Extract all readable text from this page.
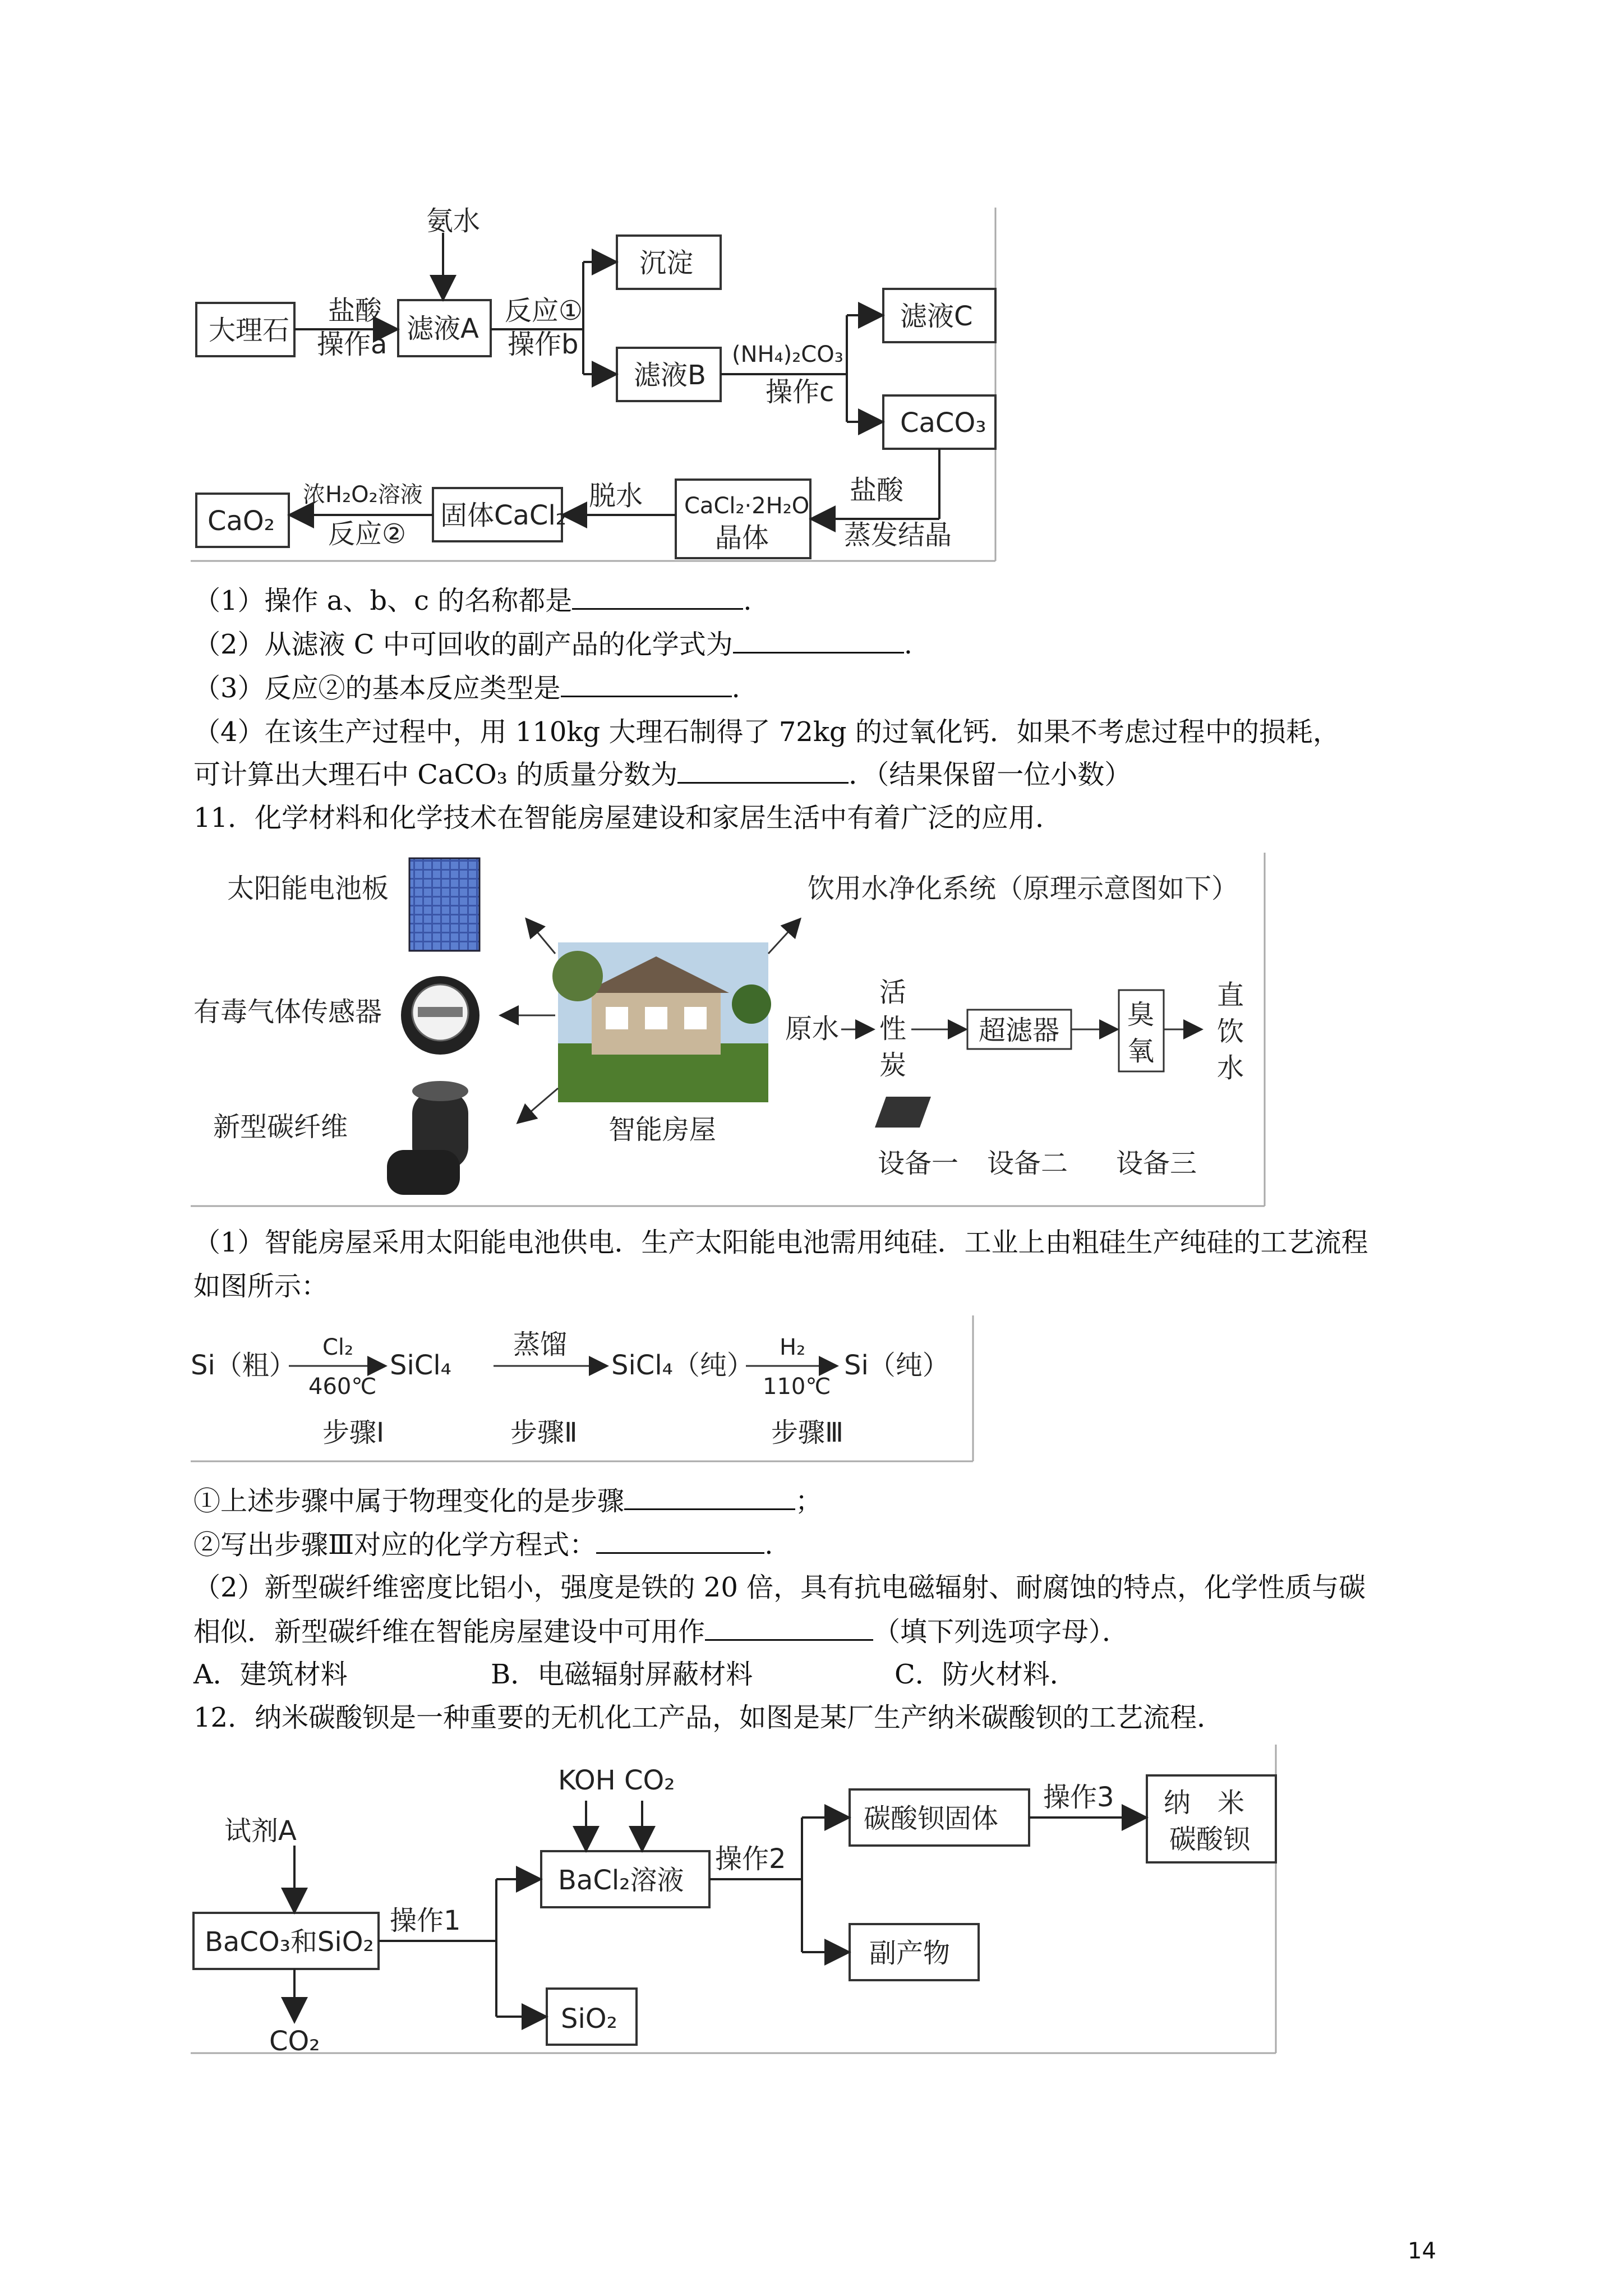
大理石	滤液A
沉淀
滤液B
滤液C
CaCO₃
CaCl₂·2H₂O
晶体
固体CaCl₂
CaO₂
氨水
盐酸
操作a
反应①
操作b	(NH₄)₂CO₃
操作c
盐酸
蒸发结晶
脱水
浓H₂O₂溶液
反应②
（1）操作 a、b、c 的名称都是	.
（2）从滤液 C 中可回收的副产品的化学式为	.
（3）反应②的基本反应类型是	.
（4）在该生产过程中，用 110kg 大理石制得了 72kg 的过氧化钙．如果不考虑过程中的损耗，
可计算出大理石中 CaCO₃ 的质量分数为	．（结果保留一位小数）
11．化学材料和化学技术在智能房屋建设和家居生活中有着广泛的应用．
太阳能电池板
有毒气体传感器
新型碳纤维	智能房屋
饮用水净化系统（原理示意图如下）
原水
活
性
炭
超滤器	臭
氧
直
饮
水
设备一 设备二 设备三
（1）智能房屋采用太阳能电池供电．生产太阳能电池需用纯硅．工业上由粗硅生产纯硅的工艺流程
如图所示：
Si（粗）
Cl₂
460℃
SiCl₄
蒸馏
SiCl₄（纯）
H₂
110℃
Si（纯）
步骤Ⅰ	步骤Ⅱ	步骤Ⅲ
①上述步骤中属于物理变化的是步骤	；
②写出步骤Ⅲ对应的化学方程式：	.
（2）新型碳纤维密度比铝小，强度是铁的 20 倍，具有抗电磁辐射、耐腐蚀的特点，化学性质与碳
相似．新型碳纤维在智能房屋建设中可用作	（填下列选项字母）．
A．建筑材料	B．电磁辐射屏蔽材料	C．防火材料．
12．纳米碳酸钡是一种重要的无机化工产品，如图是某厂生产纳米碳酸钡的工艺流程．
试剂A
KOH CO₂
BaCO₃和SiO₂
操作1
BaCl₂溶液
操作2
碳酸钡固体
操作3 纳　米
碳酸钡
副产物
SiO₂
CO₂
14
